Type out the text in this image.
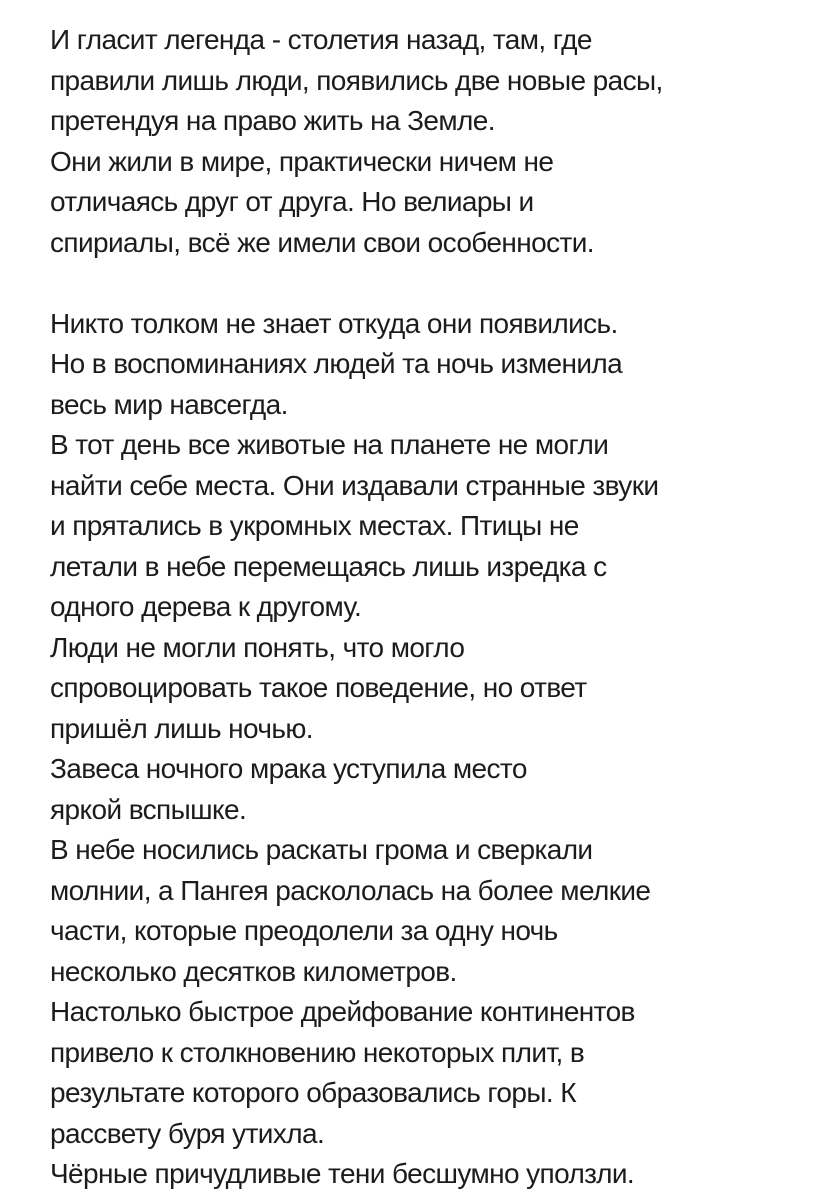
И гласит легенда - столетия назад, там, где
правили лишь люди, появились две новые расы,
претендуя на право жить на Земле.
Они жили в мире, практически ничем не
отличаясь друг от друга. Но велиары и
спириалы, всё же имели свои особенности.
Никто толком не знает откуда они появились.
Но в воспоминаниях людей та ночь изменила
весь мир навсегда.
В тот день все животые на планете не могли
найти себе места. Они издавали странные звуки
и прятались в укромных местах. Птицы не
летали в небе перемещаясь лишь изредка с
одного дерева к другому.
Люди не могли понять, что могло
спровоцировать такое поведение, но ответ
пришёл лишь ночью.
Завеса ночного мрака уступила место
яркой вспышке.
В небе носились раскаты грома и сверкали
молнии, а Пангея раскололась на более мелкие
части, которые преодолели за одну ночь
несколько десятков километров.
Настолько быстрое дрейфование континентов
привело к столкновению некоторых плит, в
результате которого образовались горы. К
рассвету буря утихла.
Чёрные причудливые тени бесшумно уползли.
